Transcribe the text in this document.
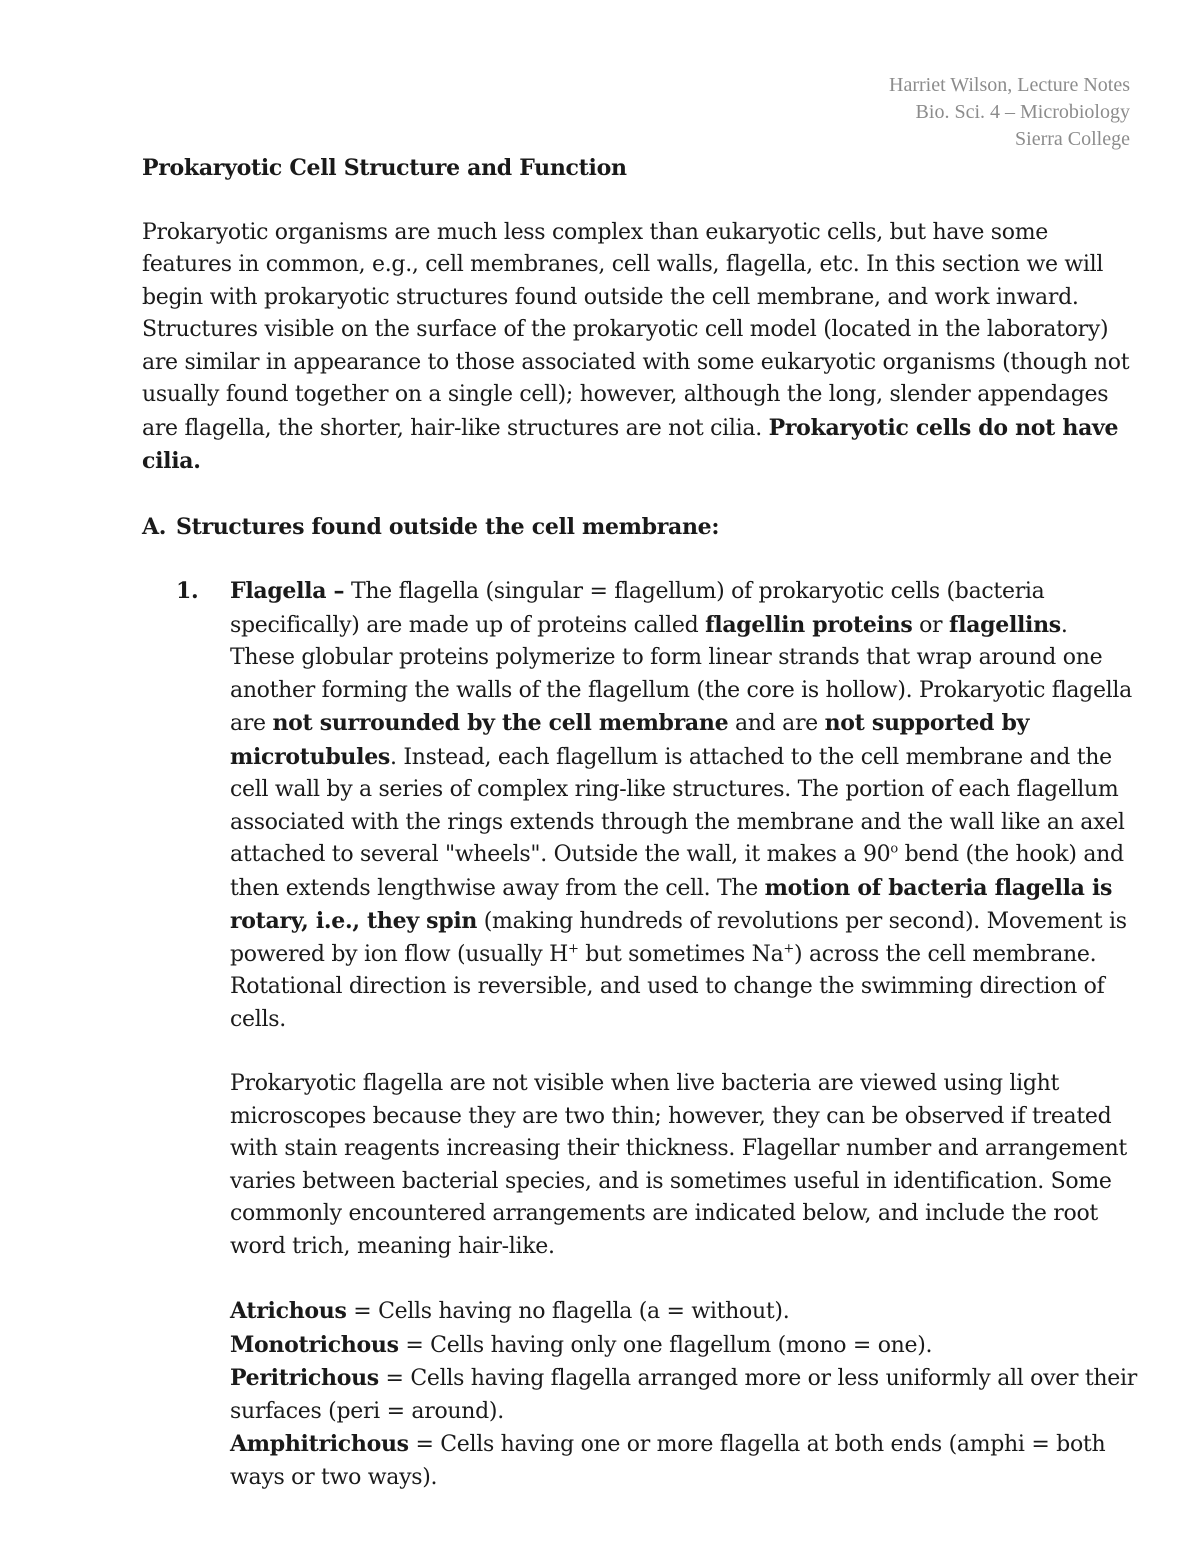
Harriet Wilson, Lecture Notes
Bio. Sci. 4 – Microbiology
Sierra College
Prokaryotic Cell Structure and Function

Prokaryotic organisms are much less complex than eukaryotic cells, but have some features in common, e.g., cell membranes, cell walls, flagella, etc. In this section we will begin with prokaryotic structures found outside the cell membrane, and work inward. Structures visible on the surface of the prokaryotic cell model (located in the laboratory) are similar in appearance to those associated with some eukaryotic organisms (though not usually found together on a single cell); however, although the long, slender appendages are flagella, the shorter, hair-like structures are not cilia. Prokaryotic cells do not have cilia.

A. Structures found outside the cell membrane:
1. Flagella – The flagella (singular = flagellum) of prokaryotic cells (bacteria specifically) are made up of proteins called flagellin proteins or flagellins. These globular proteins polymerize to form linear strands that wrap around one another forming the walls of the flagellum (the core is hollow). Prokaryotic flagella are not surrounded by the cell membrane and are not supported by microtubules. Instead, each flagellum is attached to the cell membrane and the cell wall by a series of complex ring-like structures. The portion of each flagellum associated with the rings extends through the membrane and the wall like an axel attached to several "wheels". Outside the wall, it makes a 90$^o$ bend (the hook) and then extends lengthwise away from the cell. The motion of bacteria flagella is rotary, i.e., they spin (making hundreds of revolutions per second). Movement is powered by ion flow (usually H+ but sometimes Na+) across the cell membrane. Rotational direction is reversible, and used to change the swimming direction of cells.

Prokaryotic flagella are not visible when live bacteria are viewed using light microscopes because they are two thin; however, they can be observed if treated with stain reagents increasing their thickness. Flagellar number and arrangement varies between bacterial species, and is sometimes useful in identification. Some commonly encountered arrangements are indicated below, and include the root word trich, meaning hair-like.

Atrichous = Cells having no flagella (a = without).

Monotrichous = Cells having only one flagellum (mono = one).

Peritrichous = Cells having flagella arranged more or less uniformly all over their surfaces (peri = around).

Amphitrichous = Cells having one or more flagella at both ends (amphi = both ways or two ways).
